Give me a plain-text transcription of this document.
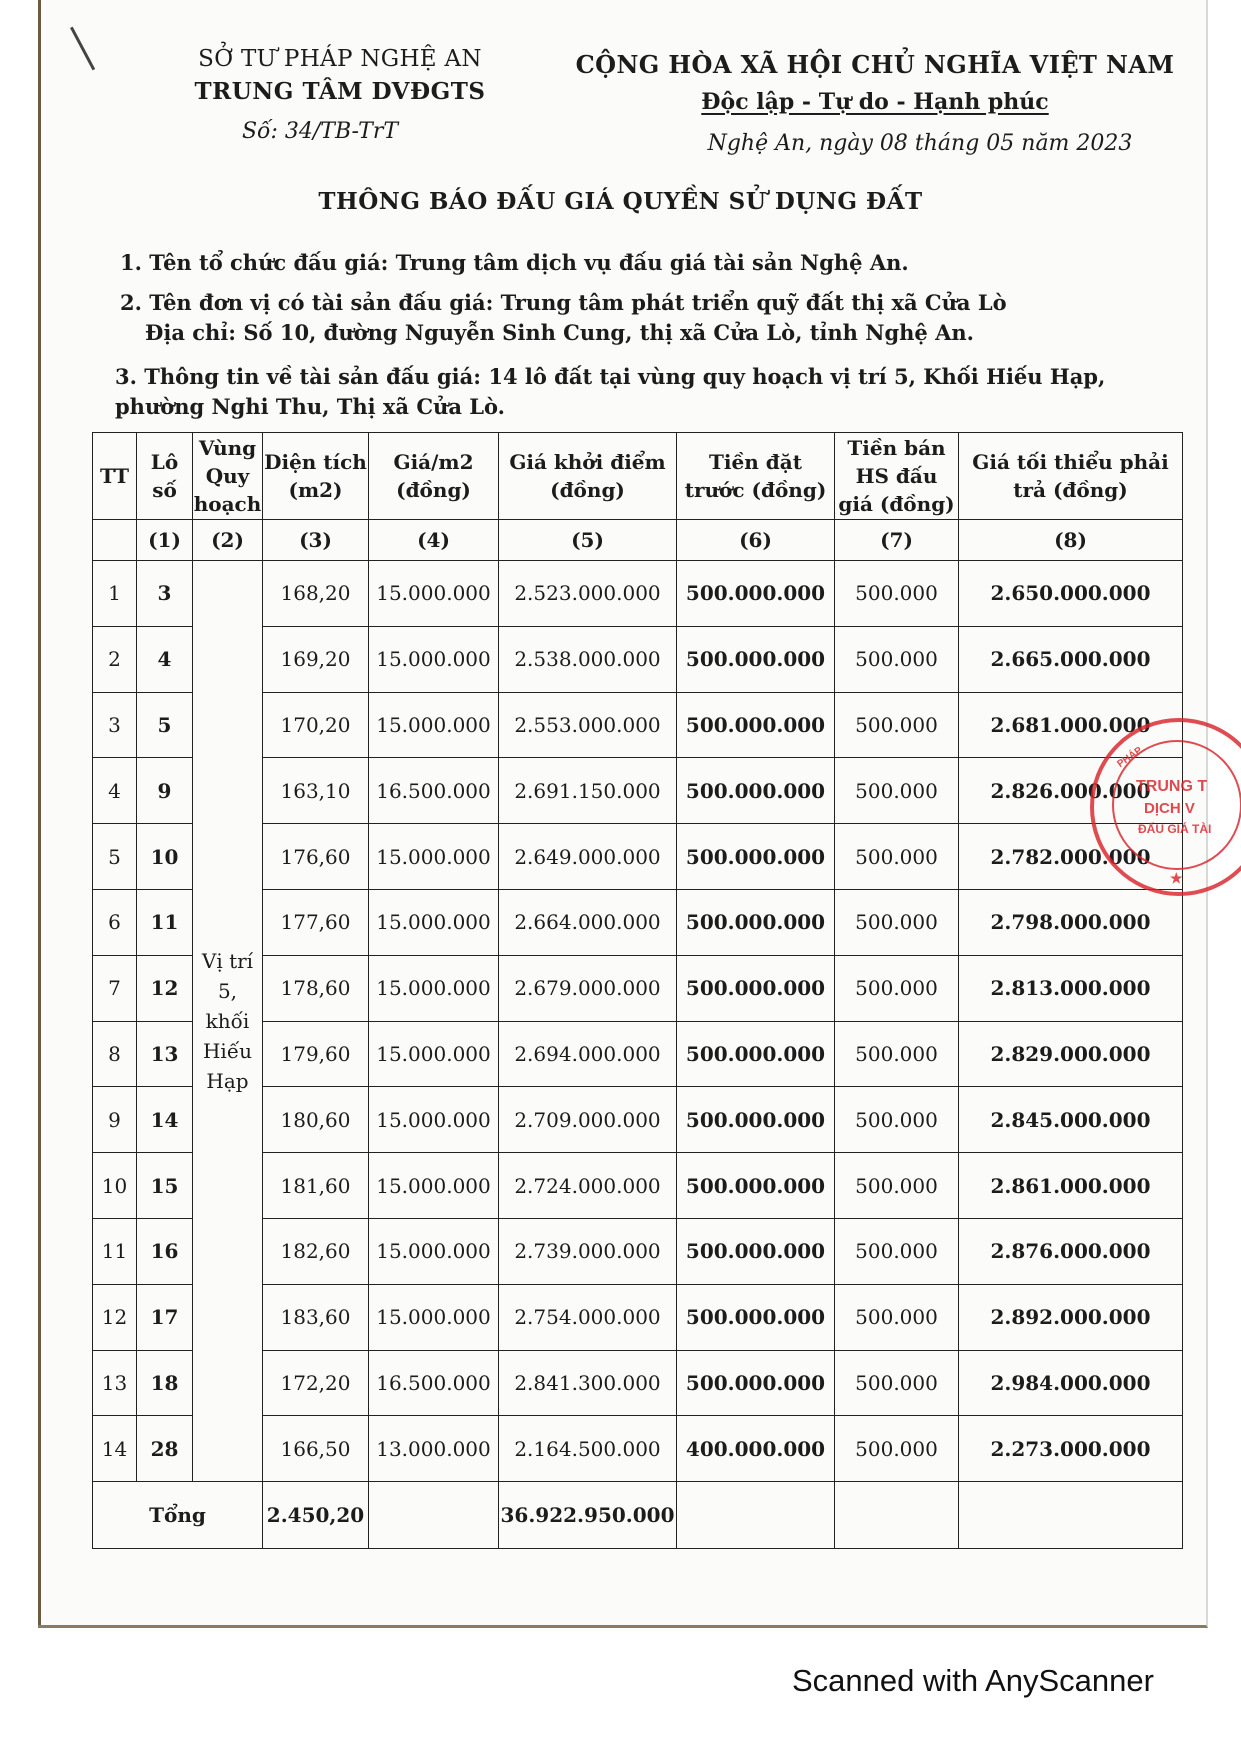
SỞ TƯ PHÁP NGHỆ AN
TRUNG TÂM DVĐGTS
Số: 34/TB-TrT
CỘNG HÒA XÃ HỘI CHỦ NGHĨA VIỆT NAM
Độc lập - Tự do - Hạnh phúc
Nghệ An, ngày 08 tháng 05 năm 2023
THÔNG BÁO ĐẤU GIÁ QUYỀN SỬ DỤNG ĐẤT
1. Tên tổ chức đấu giá: Trung tâm dịch vụ đấu giá tài sản Nghệ An.
2. Tên đơn vị có tài sản đấu giá: Trung tâm phát triển quỹ đất thị xã Cửa Lò
Địa chỉ: Số 10, đường Nguyễn Sinh Cung, thị xã Cửa Lò, tỉnh Nghệ An.
3. Thông tin về tài sản đấu giá: 14 lô đất tại vùng quy hoạch vị trí 5, Khối Hiếu Hạp, phường Nghi Thu, Thị xã Cửa Lò.
TT	Lô số	Vùng Quy hoạch	Diện tích (m2)	Giá/m2 (đồng)	Giá khởi điểm (đồng)	Tiền đặt trước (đồng)	Tiền bán HS đấu giá (đồng)	Giá tối thiểu phải trả (đồng)
	(1)	(2)	(3)	(4)	(5)	(6)	(7)	(8)
1	3	Vị trí 5, khối Hiếu Hạp	168,20	15.000.000	2.523.000.000	500.000.000	500.000	2.650.000.000
2	4		169,20	15.000.000	2.538.000.000	500.000.000	500.000	2.665.000.000
3	5		170,20	15.000.000	2.553.000.000	500.000.000	500.000	2.681.000.000
4	9		163,10	16.500.000	2.691.150.000	500.000.000	500.000	2.826.000.000
5	10		176,60	15.000.000	2.649.000.000	500.000.000	500.000	2.782.000.000
6	11		177,60	15.000.000	2.664.000.000	500.000.000	500.000	2.798.000.000
7	12		178,60	15.000.000	2.679.000.000	500.000.000	500.000	2.813.000.000
8	13		179,60	15.000.000	2.694.000.000	500.000.000	500.000	2.829.000.000
9	14		180,60	15.000.000	2.709.000.000	500.000.000	500.000	2.845.000.000
10	15		181,60	15.000.000	2.724.000.000	500.000.000	500.000	2.861.000.000
11	16		182,60	15.000.000	2.739.000.000	500.000.000	500.000	2.876.000.000
12	17		183,60	15.000.000	2.754.000.000	500.000.000	500.000	2.892.000.000
13	18		172,20	16.500.000	2.841.300.000	500.000.000	500.000	2.984.000.000
14	28		166,50	13.000.000	2.164.500.000	400.000.000	500.000	2.273.000.000
Tổng			2.450,20		36.922.950.000			
PHÁP
TRUNG T
DỊCH V
ĐẤU GIÁ TÀI
★
Scanned with AnyScanner
